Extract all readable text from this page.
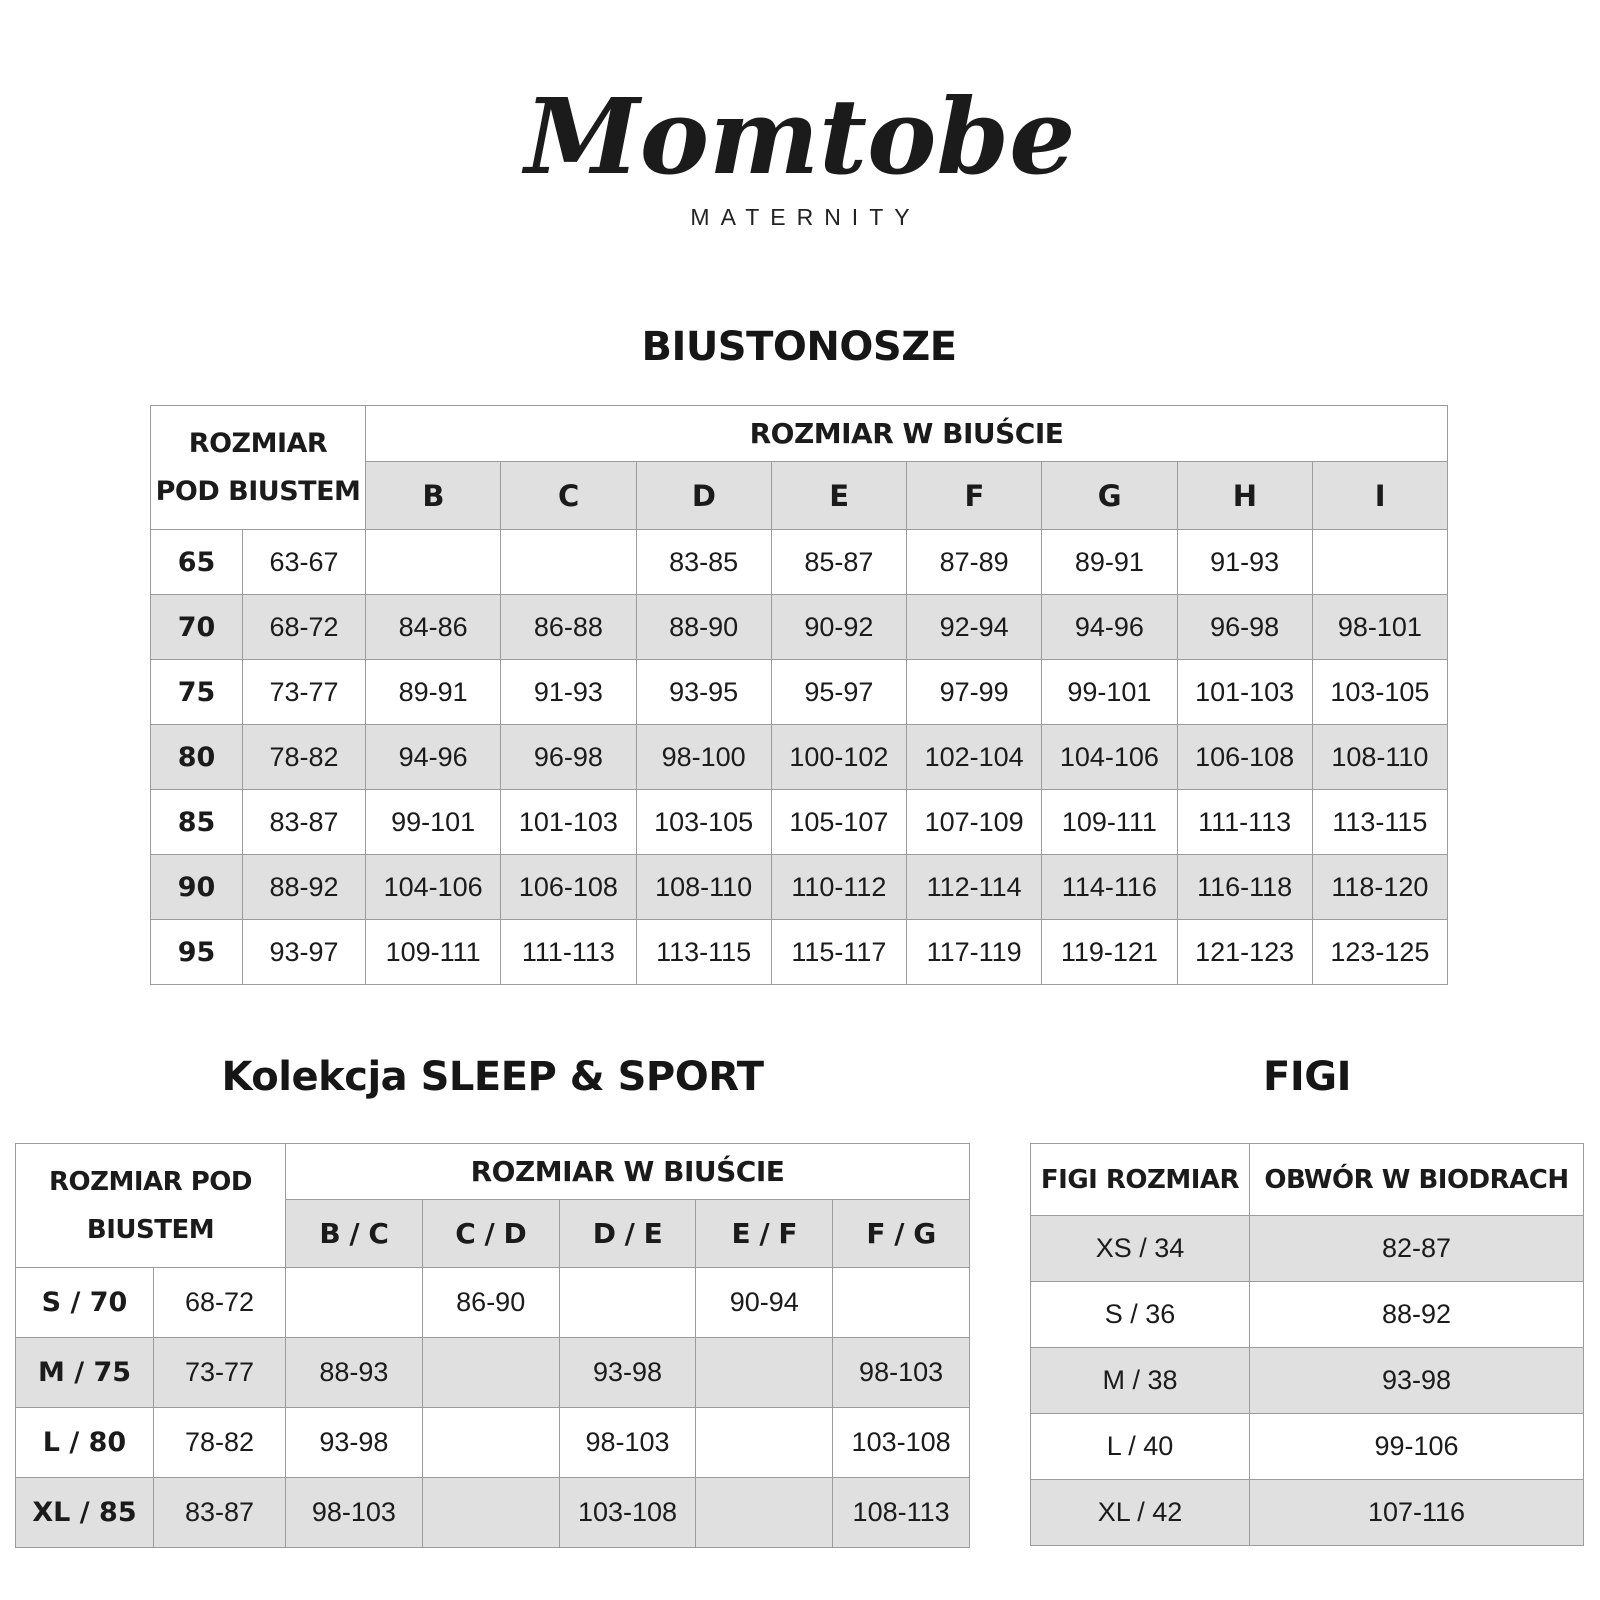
Momtobe
MATERNITY
BIUSTONOSZE
ROZMIAR
POD BIUSTEM		ROZMIAR W BIUŚCIE							
		B	C	D	E	F	G	H	I
65	63-67			83-85	85-87	87-89	89-91	91-93	
70	68-72	84-86	86-88	88-90	90-92	92-94	94-96	96-98	98-101
75	73-77	89-91	91-93	93-95	95-97	97-99	99-101	101-103	103-105
80	78-82	94-96	96-98	98-100	100-102	102-104	104-106	106-108	108-110
85	83-87	99-101	101-103	103-105	105-107	107-109	109-111	111-113	113-115
90	88-92	104-106	106-108	108-110	110-112	112-114	114-116	116-118	118-120
95	93-97	109-111	111-113	113-115	115-117	117-119	119-121	121-123	123-125
Kolekcja SLEEP & SPORT
ROZMIAR POD
BIUSTEM		ROZMIAR W BIUŚCIE				
		B / C	C / D	D / E	E / F	F / G
S / 70	68-72		86-90		90-94	
M / 75	73-77	88-93		93-98		98-103
L / 80	78-82	93-98		98-103		103-108
XL / 85	83-87	98-103		103-108		108-113
FIGI
FIGI ROZMIAR	OBWÓR W BIODRACH
XS / 34	82-87
S / 36	88-92
M / 38	93-98
L / 40	99-106
XL / 42	107-116
